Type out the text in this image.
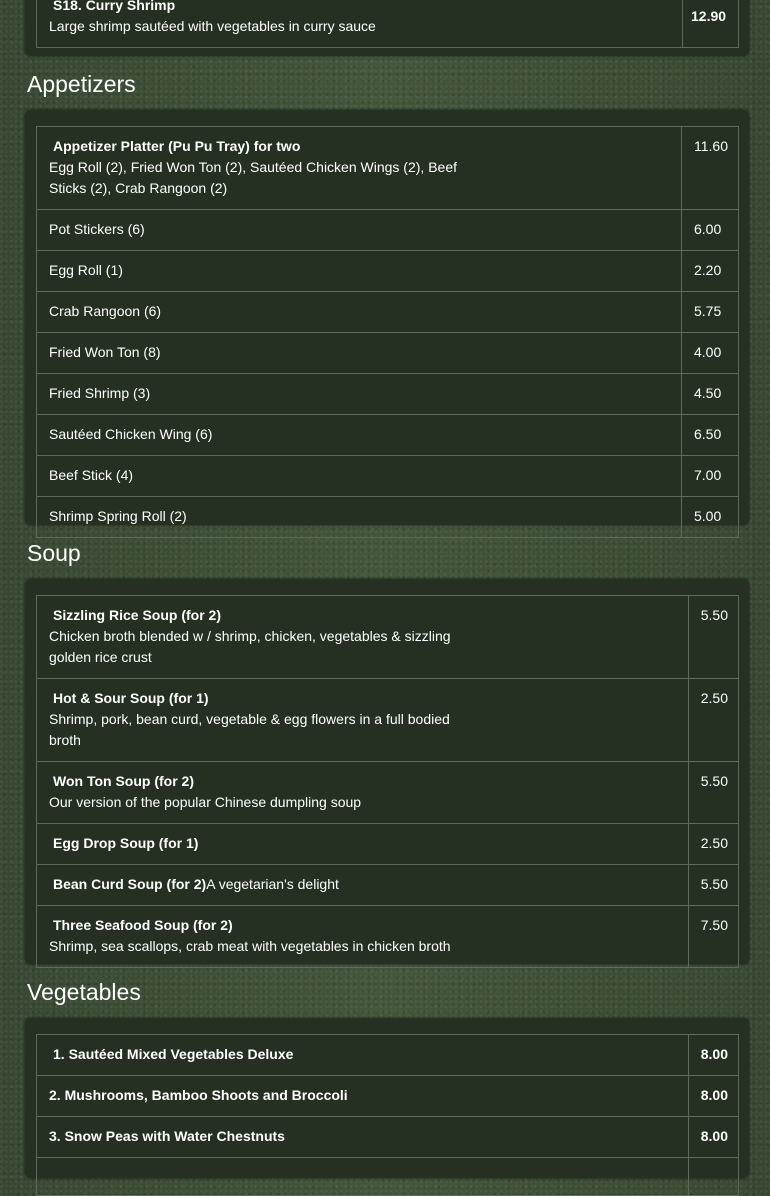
S18. Curry Shrimp

Large shrimp sautéed with vegetables in curry sauce
	12.90
Appetizers
Appetizer Platter (Pu Pu Tray) for two

Egg Roll (2), Fried Won Ton (2), Sautéed Chicken Wings (2), Beef Sticks (2), Crab Rangoon (2)	11.60
Pot Stickers (6)	6.00
Egg Roll (1)	2.20
Crab Rangoon (6)	5.75
Fried Won Ton (8)	4.00
Fried Shrimp (3)	4.50
Sautéed Chicken Wing (6)	6.50
Beef Stick (4)	7.00
Shrimp Spring Roll (2)	5.00
Soup
Sizzling Rice Soup (for 2)

Chicken broth blended w / shrimp, chicken, vegetables & sizzling golden rice crust	5.50
Hot & Sour Soup (for 1)

Shrimp, pork, bean curd, vegetable & egg flowers in a full bodied broth	2.50
Won Ton Soup (for 2)

Our version of the popular Chinese dumpling soup	5.50
Egg Drop Soup (for 1)	2.50
Bean Curd Soup (for 2)A vegetarian's delight	5.50
Three Seafood Soup (for 2)

Shrimp, sea scallops, crab meat with vegetables in chicken broth	7.50
Vegetables
1. Sautéed Mixed Vegetables Deluxe	8.00
2. Mushrooms, Bamboo Shoots and Broccoli	8.00
3. Snow Peas with Water Chestnuts	8.00
